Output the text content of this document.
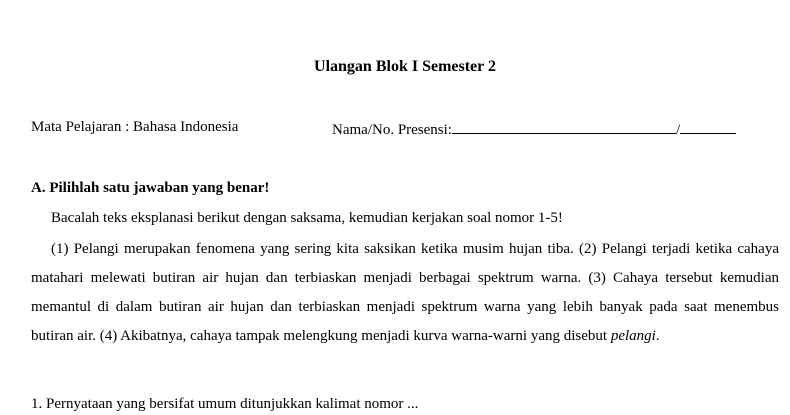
Ulangan Blok I Semester 2
Mata Pelajaran : Bahasa Indonesia	Nama/No. Presensi:	/
A. Pilihlah satu jawaban yang benar!
Bacalah teks eksplanasi berikut dengan saksama, kemudian kerjakan soal nomor 1-5!

(1) Pelangi merupakan fenomena yang sering kita saksikan ketika musim hujan tiba. (2) Pelangi terjadi ketika cahaya matahari melewati butiran air hujan dan terbiaskan menjadi berbagai spektrum warna. (3) Cahaya tersebut kemudian memantul di dalam butiran air hujan dan terbiaskan menjadi spektrum warna yang lebih banyak pada saat menembus butiran air. (4) Akibatnya, cahaya tampak melengkung menjadi kurva warna-warni yang disebut pelangi.

1. Pernyataan yang bersifat umum ditunjukkan kalimat nomor ...
